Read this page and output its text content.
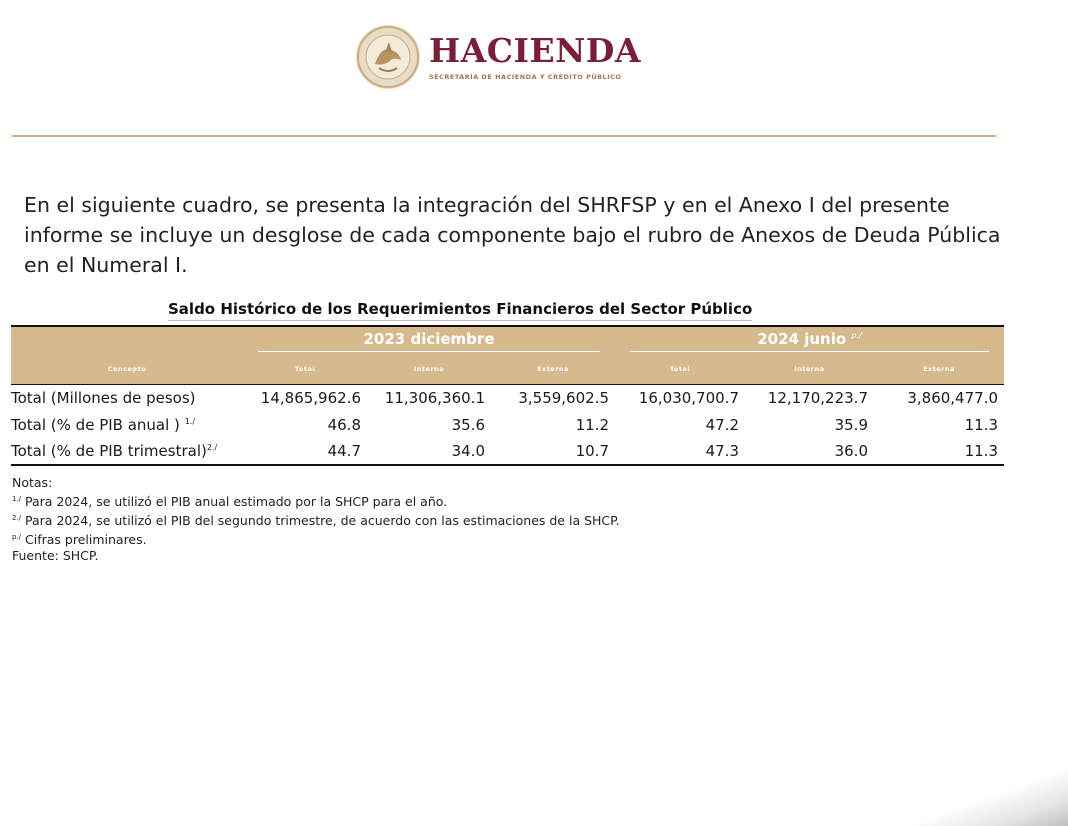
HACIENDA
SECRETARÍA DE HACIENDA Y CRÉDITO PÚBLICO

En el siguiente cuadro, se presenta la integración del SHRFSP y en el Anexo I del presente informe se incluye un desglose de cada componente bajo el rubro de Anexos de Deuda Pública en el Numeral I.

Saldo Histórico de los Requerimientos Financieros del Sector Público
	2023 diciembre			2024 junio $^{p./}$
Concepto	Total	Interna	Externa	Total	Interna	Externa
Total (Millones de pesos)	14,865,962.6	11,306,360.1	3,559,602.5	16,030,700.7	12,170,223.7	3,860,477.0
Total (% de PIB anual ) $^{1./}$	46.8	35.6	11.2	47.2	35.9	11.3
Total (% de PIB trimestral)$^{2./}$	44.7	34.0	10.7	47.3	36.0	11.3
Notas:
$^{1./}$ Para 2024, se utilizó el PIB anual estimado por la SHCP para el año.
$^{2./}$ Para 2024, se utilizó el PIB del segundo trimestre, de acuerdo con las estimaciones de la SHCP.
$^{p./}$ Cifras preliminares.
Fuente: SHCP.
